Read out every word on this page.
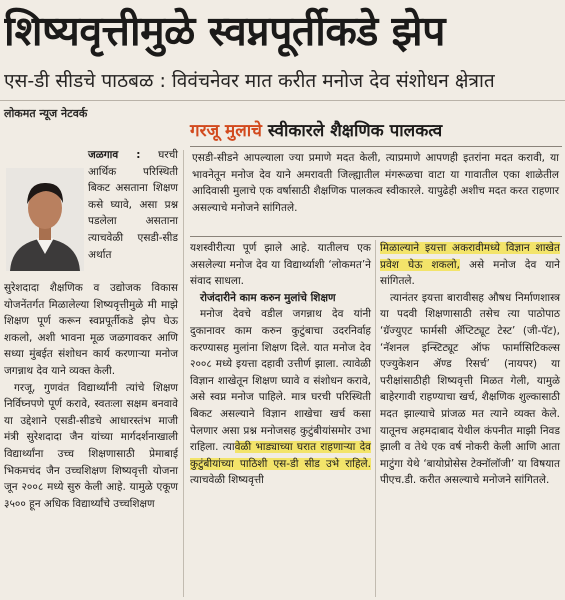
शिष्यवृत्तीमुळे स्वप्नपूर्तीकडे झेप
एस-डी सीडचे पाठबळ : विवंचनेवर मात करीत मनोज देव संशोधन क्षेत्रात
लोकमत न्यूज नेटवर्क
गरजू मुलाचे स्वीकारले शैक्षणिक पालकत्व

एसडी-सीडने आपल्याला ज्या प्रमाणे मदत केली, त्याप्रमाणे आपणही इतरांना मदत करावी, या भावनेतून मनोज देव याने अमरावती जिल्ह्यातील मंगरूळचा वाटा या गावातील एका शाळेतील आदिवासी मुलाचे एक वर्षासाठी शैक्षणिक पालकत्व स्वीकारले. यापुढेही अशीच मदत करत राहणार असल्याचे मनोजने सांगितले.

जळगाव : घरची आर्थिक परिस्थिती बिकट असताना शिक्षण कसे घ्यावे, असा प्रश्न पडलेला असताना त्याचवेळी एसडी-सीड अर्थात

सुरेशदादा शैक्षणिक व उद्योजक विकास योजनेंतर्गत मिळालेल्या शिष्यवृत्तीमुळे मी माझे शिक्षण पूर्ण करून स्वप्नपूर्तीकडे झेप घेऊ शकलो, अशी भावना मूळ जळगावकर आणि सध्या मुंबईत संशोधन कार्य करणाऱ्या मनोज जगन्नाथ देव याने व्यक्त केली.

गरजू, गुणवंत विद्यार्थ्यांनी त्यांचे शिक्षण निर्विघ्नपणे पूर्ण करावे, स्वतःला सक्षम बनवावे या उद्देशाने एसडी-सीडचे आधारस्तंभ माजी मंत्री सुरेशदादा जैन यांच्या मार्गदर्शनाखाली विद्यार्थ्यांना उच्च शिक्षणासाठी प्रेमाबाई भिकमचंद जैन उच्चशिक्षण शिष्यवृत्ती योजना जून २००८ मध्ये सुरु केली आहे. यामुळे एकूण ३५०० हून अधिक विद्यार्थ्यांचे उच्चशिक्षण

यशस्वीरीत्या पूर्ण झाले आहे. यातीलच एक असलेल्या मनोज देव या विद्यार्थ्याशी ‘लोकमत’ने संवाद साधला.

रोजंदारीने काम करुन मुलांचे शिक्षण

मनोज देवचे वडील जगन्नाथ देव यांनी दुकानावर काम करुन कुटुंबाचा उदरनिर्वाह करण्यासह मुलांना शिक्षण दिले. यात मनोज देव २००८ मध्ये इयत्ता दहावी उत्तीर्ण झाला. त्यावेळी विज्ञान शाखेतून शिक्षण घ्यावे व संशोधन करावे, असे स्वप्न मनोज पाहिले. मात्र घरची परिस्थिती बिकट असल्याने विज्ञान शाखेचा खर्च कसा पेलणार असा प्रश्न मनोजसह कुटुंबीयांसमोर उभा राहिला. त्यावेळी भाड्याच्या घरात राहणाऱ्या देव कुटुंबीयांच्या पाठिशी एस-डी सीड उभे राहिले. त्याचवेळी शिष्यवृत्ती

मिळाल्याने इयत्ता अकरावीमध्ये विज्ञान शाखेत प्रवेश घेऊ शकलो, असे मनोज देव याने सांगितले.

त्यानंतर इयत्ता बारावीसह औषध निर्माणशास्त्र या पदवी शिक्षणासाठी तसेच त्या पाठोपाठ ‘ग्रॅज्युएट फार्मसी ॲप्टिट्यूट टेस्ट’ (जी-पॅट), ‘नॅशनल इन्स्टिट्यूट ऑफ फार्मासिटिकल्स एज्युकेशन ॲण्ड रिसर्च’ (नायपर) या परीक्षांसाठीही शिष्यवृत्ती मिळत गेली, यामुळे बाहेरगावी राहण्याचा खर्च, शैक्षणिक शुल्कासाठी मदत झाल्याचे प्रांजळ मत त्याने व्यक्त केले. यातूनच अहमदाबाद येथील कंपनीत माझी निवड झाली व तेथे एक वर्ष नोकरी केली आणि आता माटुंगा येथे ‘बायोप्रोसेस टेक्नॉलॉजी’ या विषयात पीएच.डी. करीत असल्याचे मनोजने सांगितले.
